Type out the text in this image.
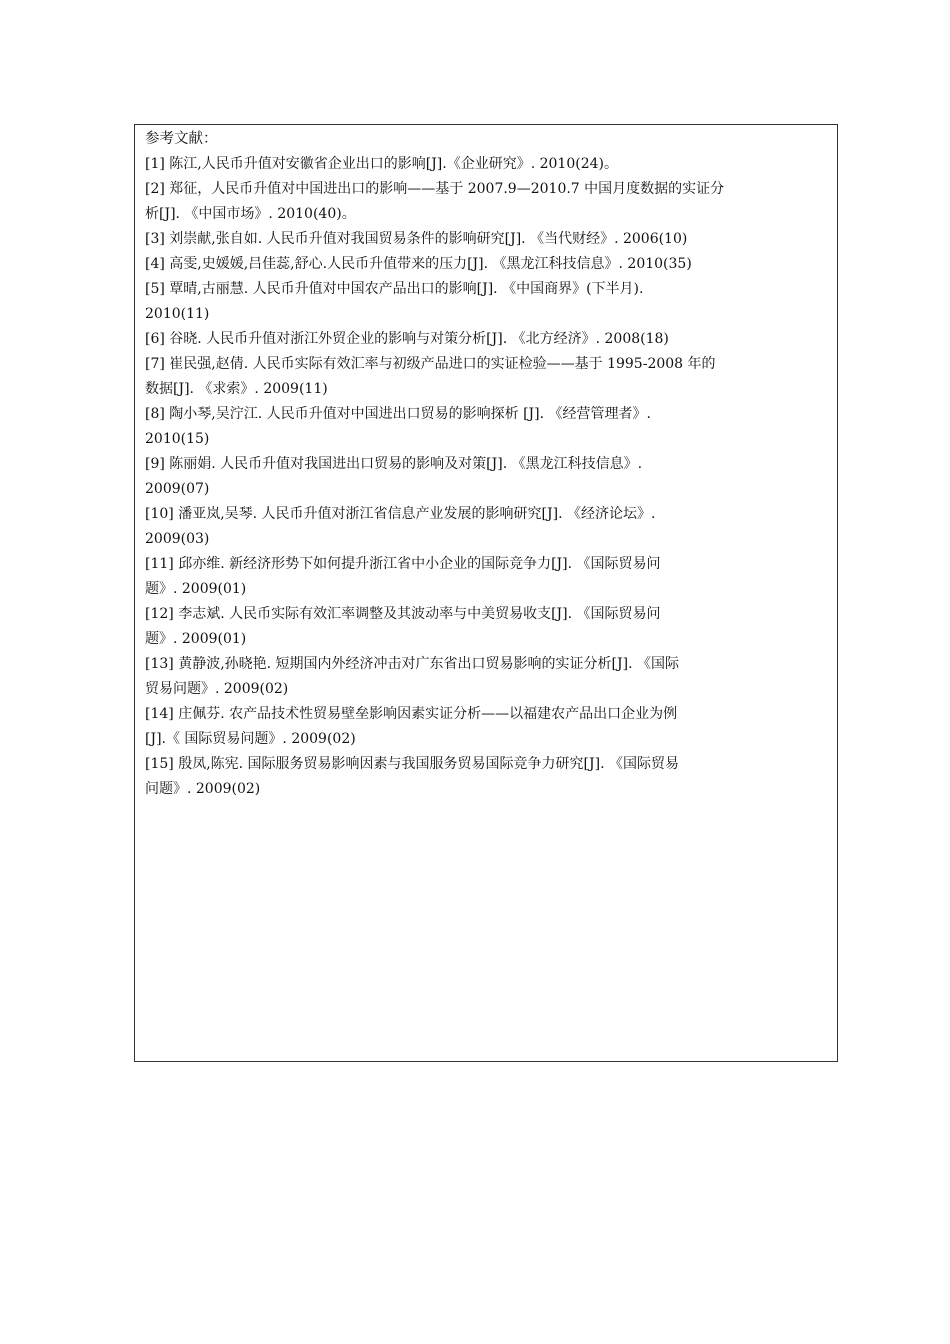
参考文献：

[1] 陈江,人民币升值对安徽省企业出口的影响[J].《企业研究》. 2010(24)。

[2] 郑征，人民币升值对中国进出口的影响——基于 2007.9—2010.7 中国月度数据的实证分

析[J]. 《中国市场》. 2010(40)。

[3] 刘崇献,张自如. 人民币升值对我国贸易条件的影响研究[J]. 《当代财经》. 2006(10)

[4] 高雯,史媛媛,吕佳蕊,舒心.人民币升值带来的压力[J]. 《黑龙江科技信息》. 2010(35)

[5] 覃晴,古丽慧. 人民币升值对中国农产品出口的影响[J]. 《中国商界》(下半月).

2010(11)

[6] 谷晓. 人民币升值对浙江外贸企业的影响与对策分析[J]. 《北方经济》. 2008(18)

[7] 崔民强,赵倩. 人民币实际有效汇率与初级产品进口的实证检验——基于 1995-2008 年的

数据[J]. 《求索》. 2009(11)

[8] 陶小琴,吴泞江. 人民币升值对中国进出口贸易的影响探析 [J]. 《经营管理者》.

2010(15)

[9] 陈丽娟. 人民币升值对我国进出口贸易的影响及对策[J]. 《黑龙江科技信息》.

2009(07)

[10] 潘亚岚,吴琴. 人民币升值对浙江省信息产业发展的影响研究[J]. 《经济论坛》.

2009(03)

[11] 邱亦维. 新经济形势下如何提升浙江省中小企业的国际竞争力[J]. 《国际贸易问

题》. 2009(01)

[12] 李志斌. 人民币实际有效汇率调整及其波动率与中美贸易收支[J]. 《国际贸易问

题》. 2009(01)

[13] 黄静波,孙晓艳. 短期国内外经济冲击对广东省出口贸易影响的实证分析[J]. 《国际

贸易问题》. 2009(02)

[14] 庄佩芬. 农产品技术性贸易壁垒影响因素实证分析——以福建农产品出口企业为例

[J].《 国际贸易问题》. 2009(02)

[15] 殷凤,陈宪. 国际服务贸易影响因素与我国服务贸易国际竞争力研究[J]. 《国际贸易

问题》. 2009(02)
